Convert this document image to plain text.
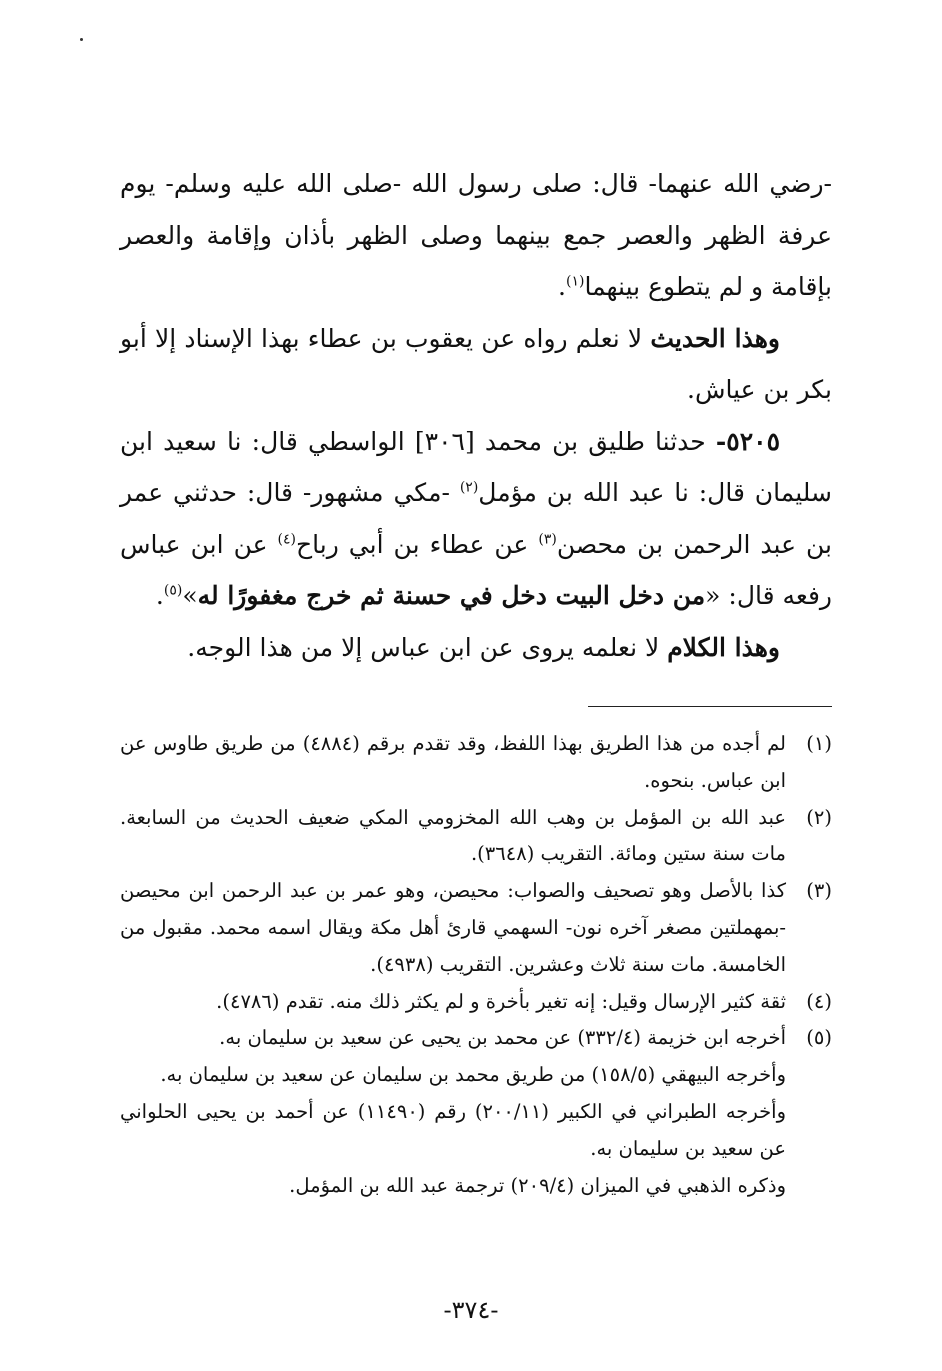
-رضي الله عنهما- قال: صلى رسول الله -صلى الله عليه وسلم- يوم عرفة الظهر والعصر جمع بينهما وصلى الظهر بأذان وإقامة والعصر بإقامة و لم يتطوع بينهما$^{(١)}$.

وهذا الحديث لا نعلم رواه عن يعقوب بن عطاء بهذا الإسناد إلا أبو بكر بن عياش.

٥٢٠٥- حدثنا طليق بن محمد [٣٠٦] الواسطي قال: نا سعيد ابن سليمان قال: نا عبد الله بن مؤمل$^{(٢)}$ -مكي مشهور- قال: حدثني عمر بن عبد الرحمن بن محصن$^{(٣)}$ عن عطاء بن أبي رباح$^{(٤)}$ عن ابن عباس رفعه قال: «من دخل البيت دخل في حسنة ثم خرج مغفورًا له»$^{(٥)}$.

وهذا الكلام لا نعلمه يروى عن ابن عباس إلا من هذا الوجه.

(١)
لم أجده من هذا الطريق بهذا اللفظ، وقد تقدم برقم (٤٨٨٤) من طريق طاوس عن ابن عباس. بنحوه.
(٢)
عبد الله بن المؤمل بن وهب الله المخزومي المكي ضعيف الحديث من السابعة. مات سنة ستين ومائة. التقريب (٣٦٤٨).
(٣)
كذا بالأصل وهو تصحيف والصواب: محيصن، وهو عمر بن عبد الرحمن ابن محيصن -بمهملتين مصغر آخره نون- السهمي قارئ أهل مكة ويقال اسمه محمد. مقبول من الخامسة. مات سنة ثلاث وعشرين. التقريب (٤٩٣٨).
(٤)
ثقة كثير الإرسال وقيل: إنه تغير بأخرة و لم يكثر ذلك منه. تقدم (٤٧٨٦).
(٥)
أخرجه ابن خزيمة (٣٣٢/٤) عن محمد بن يحيى عن سعيد بن سليمان به.
وأخرجه البيهقي (١٥٨/٥) من طريق محمد بن سليمان عن سعيد بن سليمان به.
وأخرجه الطبراني في الكبير (٢٠٠/١١) رقم (١١٤٩٠) عن أحمد بن يحيى الحلواني عن سعيد بن سليمان به.
وذكره الذهبي في الميزان (٢٠٩/٤) ترجمة عبد الله بن المؤمل.
-٣٧٤-
